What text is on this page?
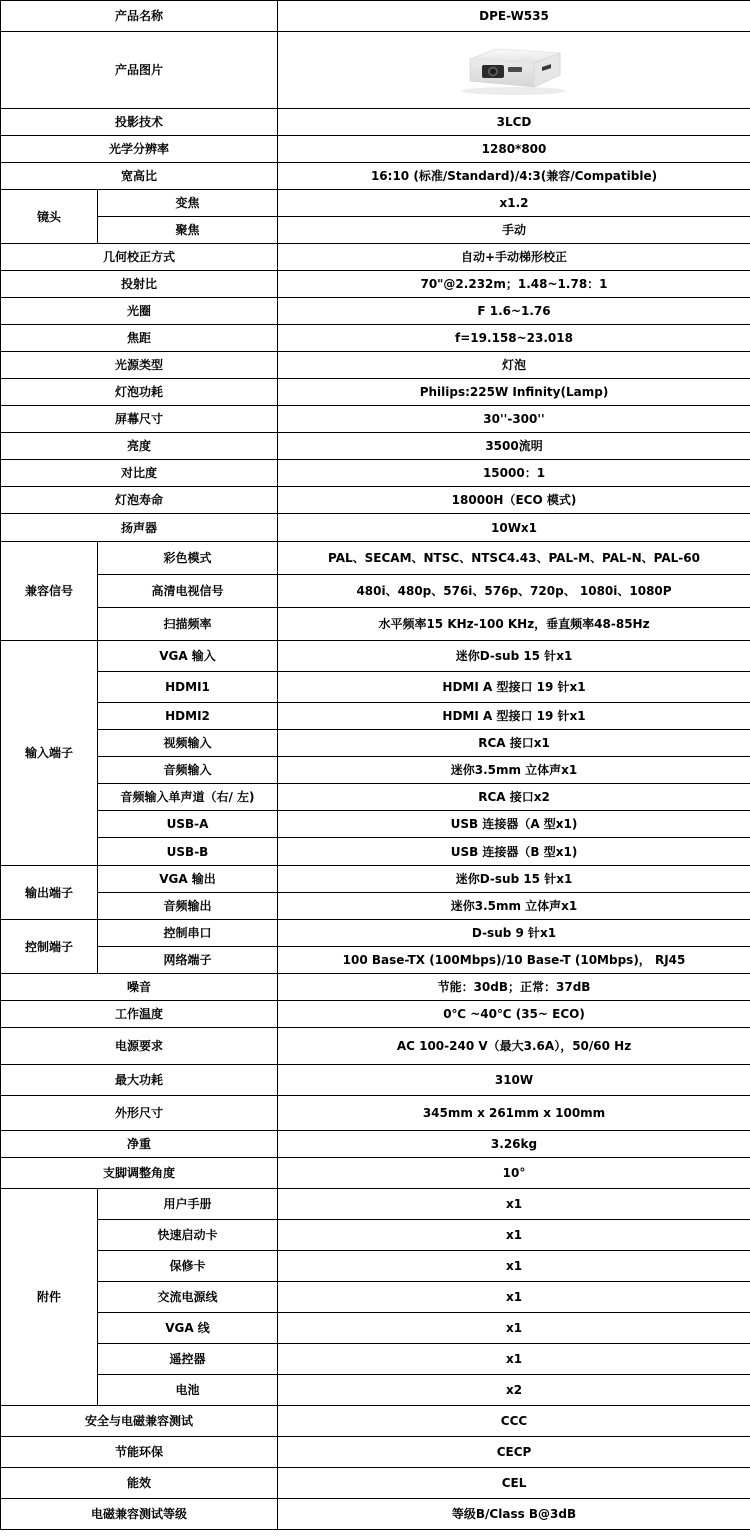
产品名称		DPE-W535
产品图片	

投影技术		3LCD
光学分辨率		1280*800
宽高比		16:10 (标准/Standard)/4:3(兼容/Compatible)
镜头	变焦	x1.2
	聚焦	手动
几何校正方式		自动+手动梯形校正
投射比		70"@2.232m；1.48~1.78：1
光圈		F 1.6~1.76
焦距		f=19.158~23.018
光源类型		灯泡
灯泡功耗		Philips:225W Infinity(Lamp)
屏幕尺寸		30''-300''
亮度		3500流明
对比度		15000：1
灯泡寿命		18000H（ECO 模式)
扬声器		10Wx1
兼容信号	彩色模式	PAL、SECAM、NTSC、NTSC4.43、PAL-M、PAL-N、PAL-60
	高清电视信号	480i、480p、576i、576p、720p、 1080i、1080P
	扫描频率	水平频率15 KHz-100 KHz，垂直频率48-85Hz
输入端子	VGA 输入	迷你D-sub 15 针x1
	HDMI1	HDMI A 型接口 19 针x1
	HDMI2	HDMI A 型接口 19 针x1
	视频输入	RCA 接口x1
	音频输入	迷你3.5mm 立体声x1
	音频输入单声道（右/ 左)	RCA 接口x2
	USB-A	USB 连接器（A 型x1)
	USB-B	USB 连接器（B 型x1)
输出端子	VGA 输出	迷你D-sub 15 针x1
	音频输出	迷你3.5mm 立体声x1
控制端子	控制串口	D-sub 9 针x1
	网络端子	100 Base-TX (100Mbps)/10 Base-T (10Mbps)， RJ45
噪音		节能：30dB；正常：37dB
工作温度		0℃ ~40℃ (35~ ECO)
电源要求		AC 100-240 V（最大3.6A），50/60 Hz
最大功耗		310W
外形尺寸		345mm x 261mm x 100mm
净重		3.26kg
支脚调整角度		10°
附件	用户手册	x1
	快速启动卡	x1
	保修卡	x1
	交流电源线	x1
	VGA 线	x1
	遥控器	x1
	电池	x2
安全与电磁兼容测试		CCC
节能环保		CECP
能效		CEL
电磁兼容测试等级		等级B/Class B@3dB
